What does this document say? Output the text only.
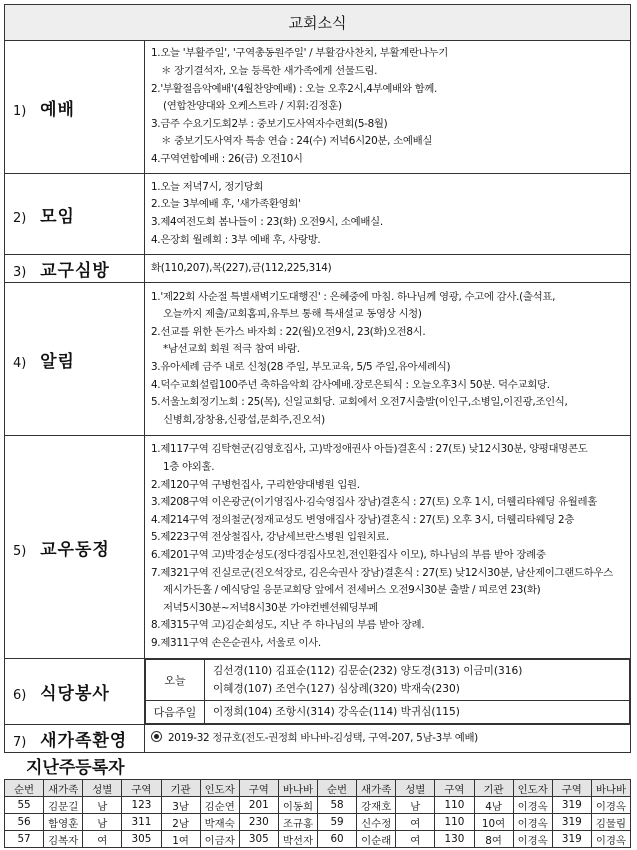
교회소식
1) 예배	
1.오늘 '부활주일', '구역총동원주일' / 부활감사찬치, 부활계란나누기
＊ 장기결석자, 오늘 등록한 새가족에게 선물드림.
2.'부활절음악예배'(4월찬양예배) : 오늘 오후2시,4부예배와 함께.
(연합찬양대와 오케스트라 / 지휘:김정훈)
3.금주 수요기도회2부 : 중보기도사역자수련회(5-8월)
＊ 중보기도사역자 특송 연습 : 24(수) 저녁6시20분, 소예배실
4.구역연합예배 : 26(금) 오전10시

2) 모임	
1.오늘 저녁7시, 정기당회
2.오늘 3부예배 후, '새가족환영회'
3.제4여전도회 봄나들이 : 23(화) 오전9시, 소예배실.
4.은장회 월례회 : 3부 예배 후, 사랑방.

3) 교구심방	화(110,207),목(227),금(112,225,314)

4) 알림	
1.'제22회 사순절 특별새벽기도대행진' : 은혜중에 마침. 하나님께 영광, 수고에 감사.(출석표,
오늘까지 제출/교회홈피,유투브 통해 특새설교 동영상 시청)
2.선교를 위한 돈가스 바자회 : 22(월)오전9시, 23(화)오전8시.
*남선교회 회원 적극 참여 바람.
3.유아세례 금주 내로 신청(28 주일, 부모교육, 5/5 주일,유아세례식)
4.덕수교회설립100주년 축하음악회 감사예배.장로은퇴식 : 오늘오후3시 50분. 덕수교회당.
5.서울노회정기노회 : 25(목), 신일교회당. 교회에서 오전7시출발(이인구,소병일,이진광,조인식,
신병희,장창용,신광섭,문희주,진오석)

5) 교우동정	
1.제117구역 김탁현군(김영호집사, 고)박정애권사 아들)결혼식 : 27(토) 낮12시30분, 양평대명콘도
1층 야외홀.
2.제120구역 구병헌집사, 구리한양대병원 입원.
3.제208구역 이은광군(이기영집사·김숙영집사 장남)결혼식 : 27(토) 오후 1시, 더웰리타웨딩 유월레홀
4.제214구역 정의철군(정재교성도 변영애집사 장남)결혼식 : 27(토) 오후 3시, 더웰리타웨딩 2층
5.제223구역 전상철집사, 강남세브란스병원 입원치료.
6.제201구역 고)박경순성도(정다경집사모친,전인환집사 이모), 하나님의 부름 받아 장례중
7.제321구역 진실로군(진오석장로, 김은숙권사 장남)결혼식 : 27(토) 낮12시30분, 남산제이그랜드하우스
제시가든홀 / 예식당일 응문교회당 앞에서 전세버스 오전9시30분 출발 / 피로연 23(화)
저녁5시30분~저녁8시30분 가야컨벤션웨딩부페
8.제315구역 고)김순희성도, 지난 주 하나님의 부름 받아 장례.
9.제311구역 손은순권사, 서울로 이사.

6) 식당봉사	
오늘	
김선경(110) 김표순(112) 김문순(232) 양도경(313) 이금미(316)
이혜경(107) 조연수(127) 심상례(320) 박재숙(230)

다음주일	이정희(104) 조항시(314) 강옥순(114) 박귀심(115)

7) 새가족환영	2019-32 정규호(전도-권정희 바나바-김성택, 구역-207, 5남-3부 예배)
지난주등록자
순번	새가족	성별	구역	기관	인도자	구역	바나바	순번	새가족	성별	구역	기관	인도자	구역	바나바
55	김문길	남	123	3남	김순연	201	이동희	58	강재호	남	110	4남	이경옥	319	이경옥
56	함영훈	남	311	2남	박재숙	230	조규홍	59	신수정	여	110	10여	이경옥	319	김물림
57	김복자	여	305	1여	이금자	305	박선자	60	이순래	여	130	8여	이경옥	319	이경옥
